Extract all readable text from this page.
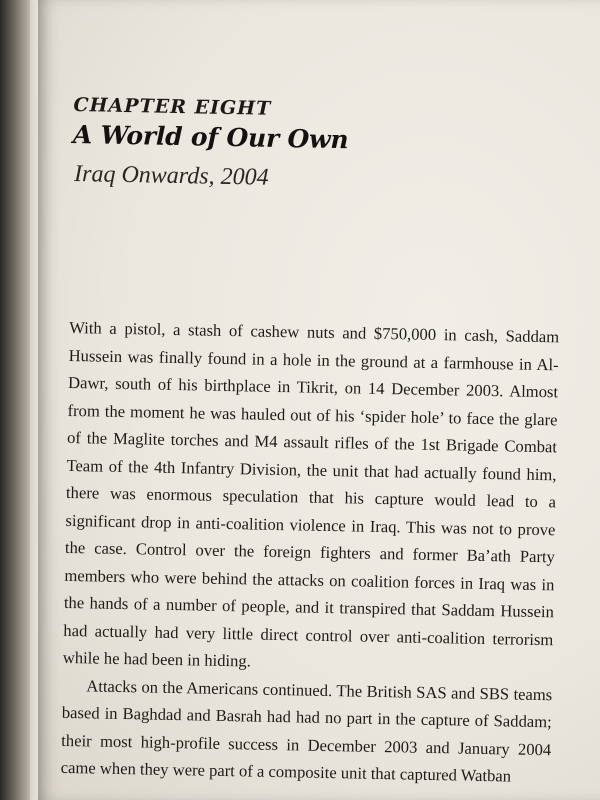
CHAPTER EIGHT
A World of Our Own
Iraq Onwards, 2004

With a pistol, a stash of cashew nuts and $750,000 in cash, Saddam Hussein was finally found in a hole in the ground at a farmhouse in Al-Dawr, south of his birthplace in Tikrit, on 14 December 2003. Almost from the moment he was hauled out of his ‘spider hole’ to face the glare of the Maglite torches and M4 assault rifles of the 1st Brigade Combat Team of the 4th Infantry Division, the unit that had actually found him, there was enormous speculation that his capture would lead to a significant drop in anti-coalition violence in Iraq. This was not to prove the case. Control over the foreign fighters and former Ba’ath Party members who were behind the attacks on coalition forces in Iraq was in the hands of a number of people, and it transpired that Saddam Hussein had actually had very little direct control over anti-coalition terrorism while he had been in hiding.

Attacks on the Americans continued. The British SAS and SBS teams based in Baghdad and Basrah had had no part in the capture of Saddam; their most high-profile success in December 2003 and January 2004 came when they were part of a composite unit that captured Watban
